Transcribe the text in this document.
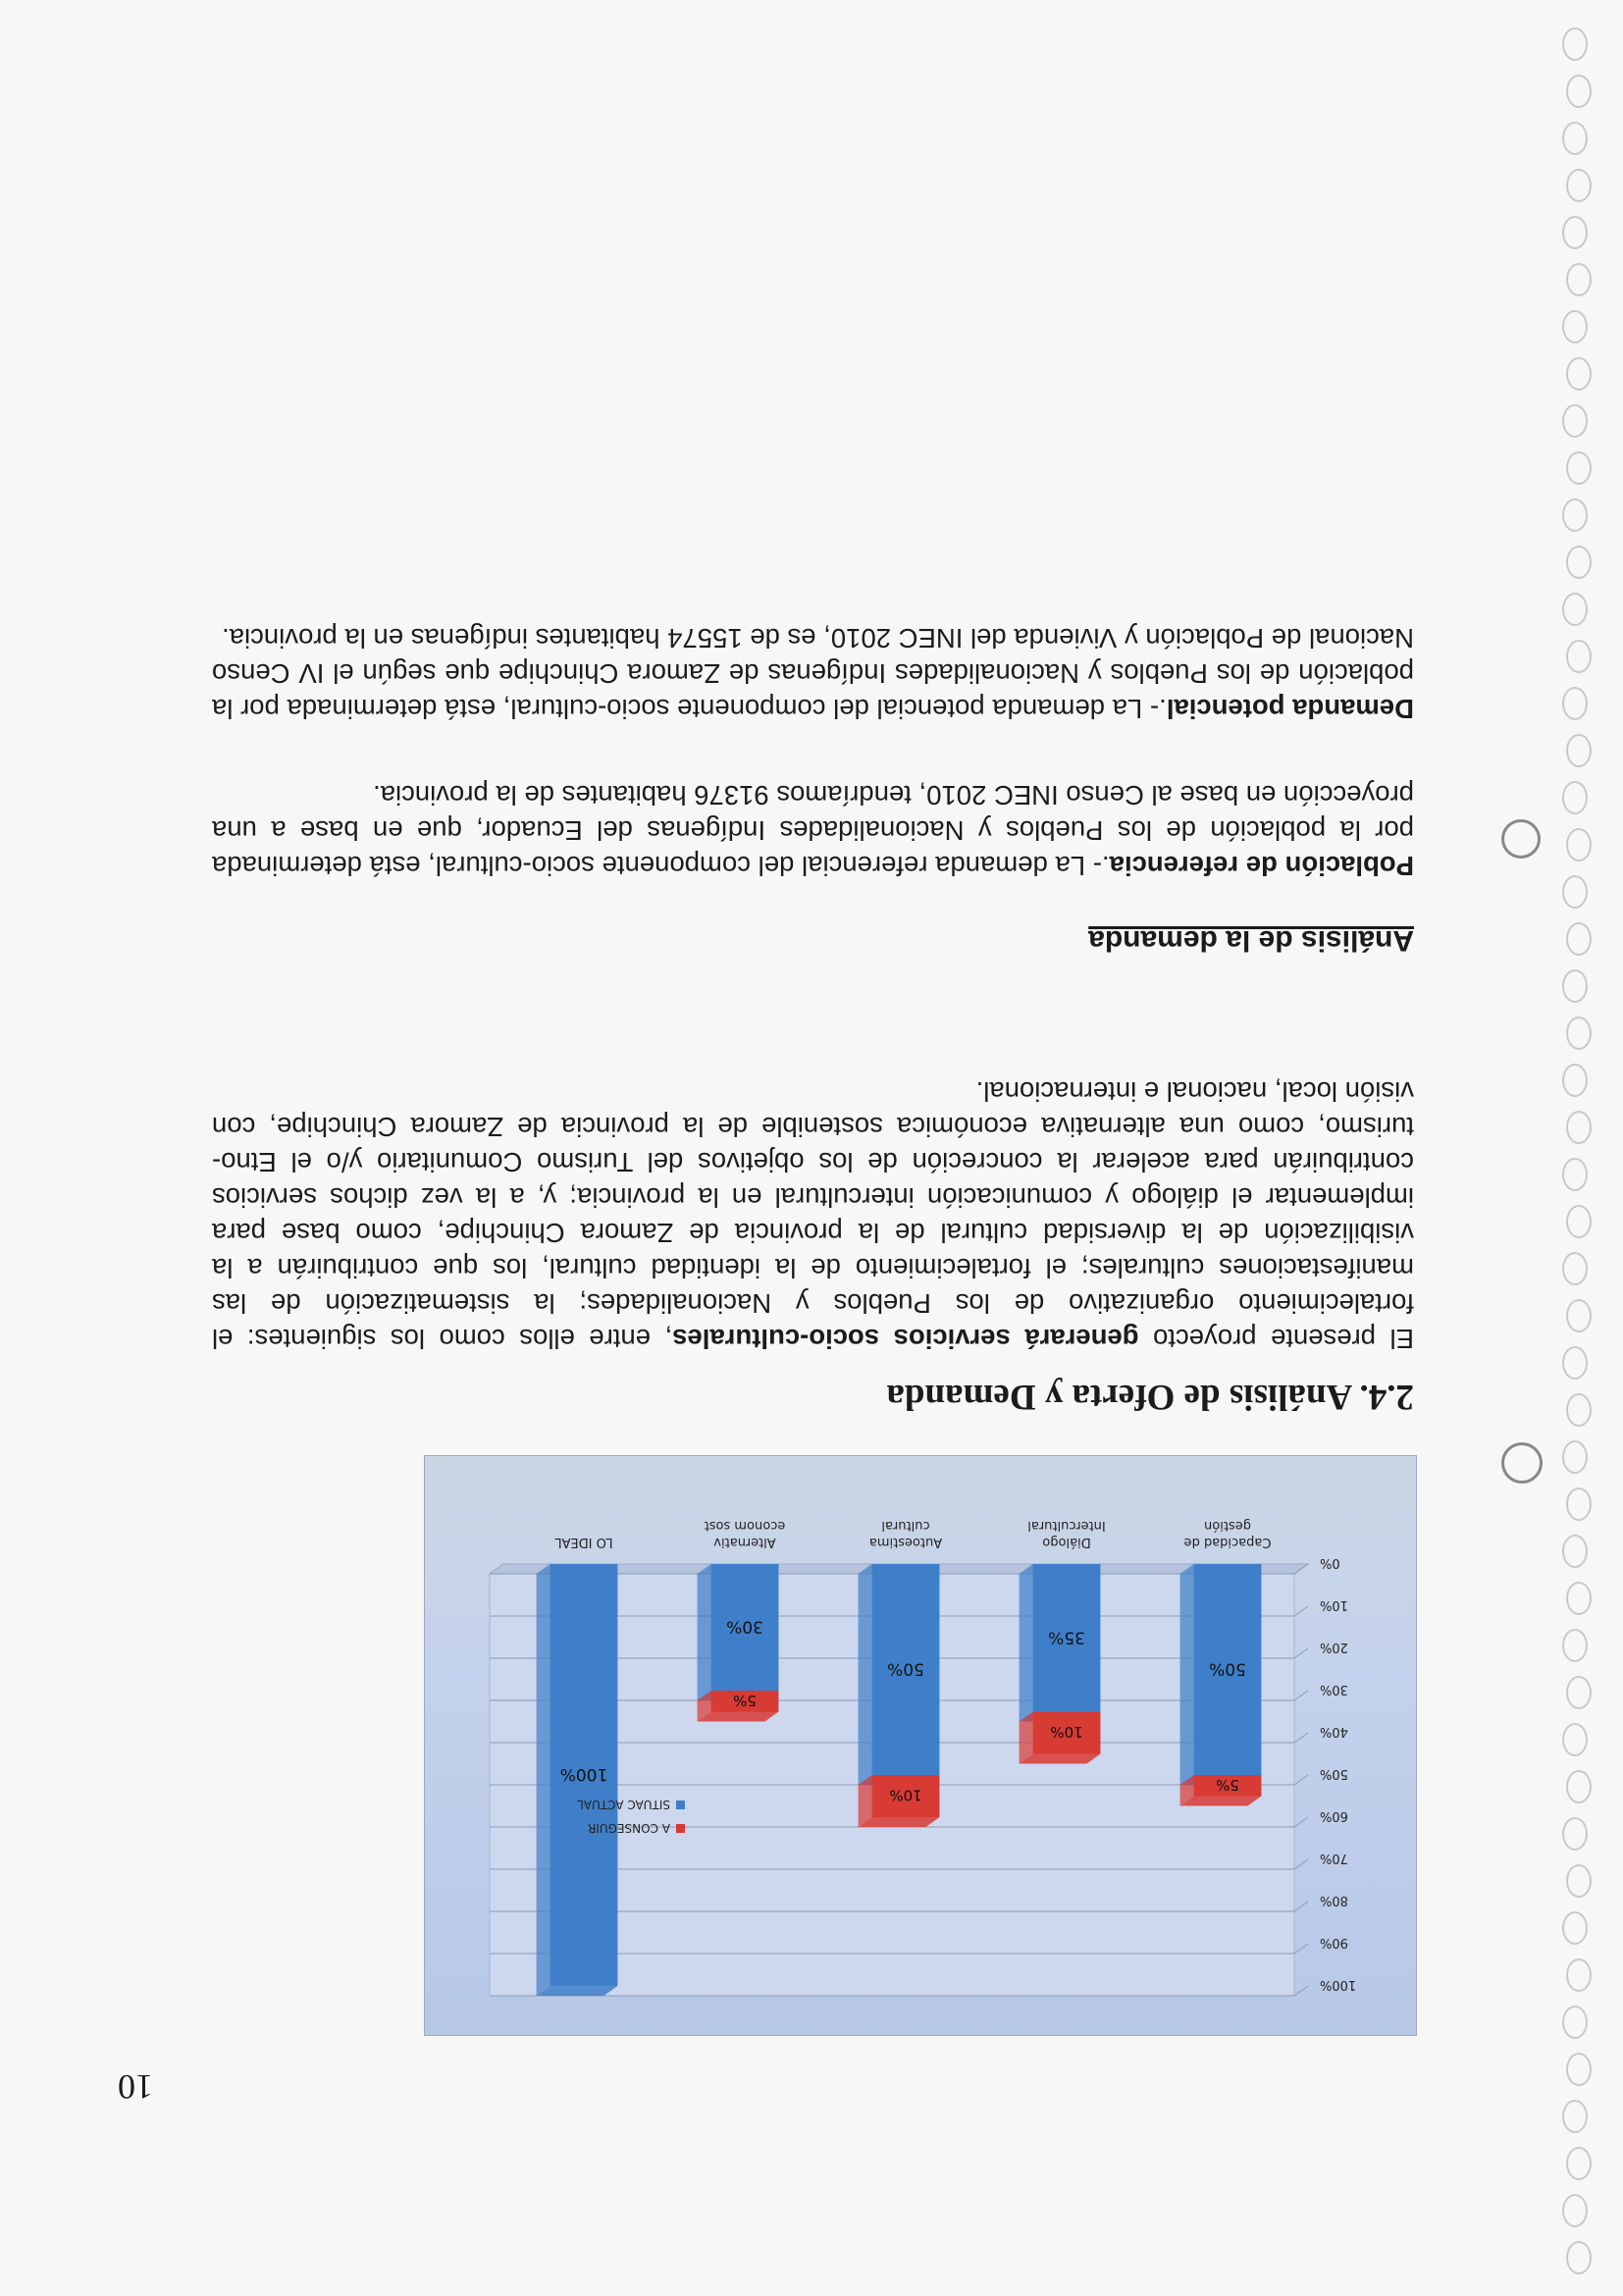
10
0%
10%
20%
30%
40%
50%
60%
70%
80%
90%
100%
50%
5%
Capacidad de
gestión
35%
10%
Diálogo
Intercultural
50%
10%
Autoestima
cultural
30%
5%
Alternativ
econom sost
100%
LO IDEAL
A CONSEGUIR
SITUAC ACTUAL
2.4. Análisis de Oferta y Demanda

El presente proyecto generará servicios socio-culturales, entre ellos como los siguientes: el fortalecimiento organizativo de los Pueblos y Nacionalidades; la sistematización de las manifestaciones culturales; el fortalecimiento de la identidad cultural, los que contribuirán a la visibilización de la diversidad cultural de la provincia de Zamora Chinchipe, como base para implementar el diálogo y comunicación intercultural en la provincia; y, a la vez dichos servicios contribuirán para acelerar la concreción de los objetivos del Turismo Comunitario y/o el Etno-turismo, como una alternativa económica sostenible de la provincia de Zamora Chinchipe, con visión local, nacional e internacional.

Análisis de la demanda

Población de referencia.- La demanda referencial del componente socio-cultural, está determinada por la población de los Pueblos y Nacionalidades Indígenas del Ecuador, que en base a una proyección en base al Censo INEC 2010, tendríamos 91376 habitantes de la provincia.

Demanda potencial.- La demanda potencial del componente socio-cultural, está determinada por la población de los Pueblos y Nacionalidades Indígenas de Zamora Chinchipe que según el IV Censo Nacional de Población y Vivienda del INEC 2010, es de 15574 habitantes indígenas en la provincia.
